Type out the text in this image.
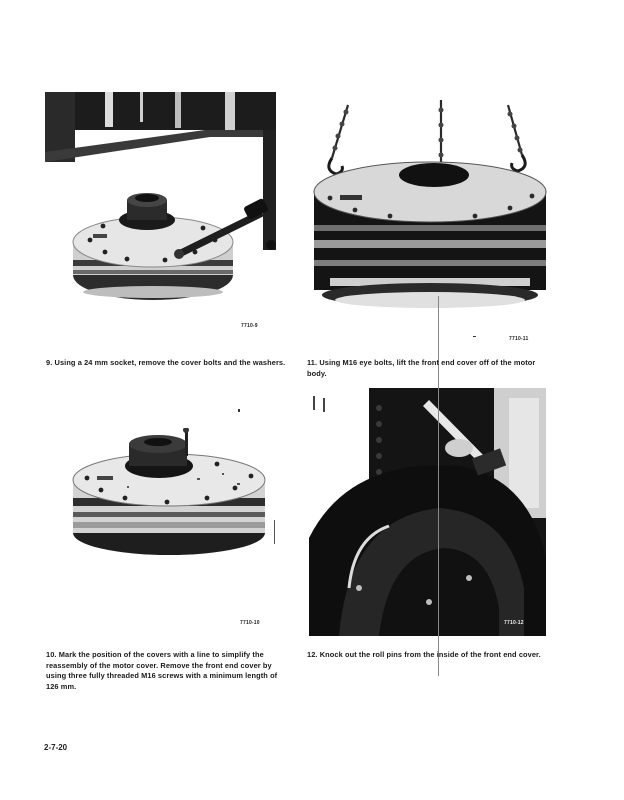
7710-9
7710-11
7710-10	7710-12
9. Using a 24 mm socket, remove the cover bolts and the washers.	11. Using M16 eye bolts, lift the front end cover off of the motor body.
10. Mark the position of the covers with a line to simplify the reassembly of the motor cover. Remove the front end cover by using three fully threaded M16 screws with a minimum length of 126 mm.
12. Knock out the roll pins from the inside of the front end cover.
2-7-20
